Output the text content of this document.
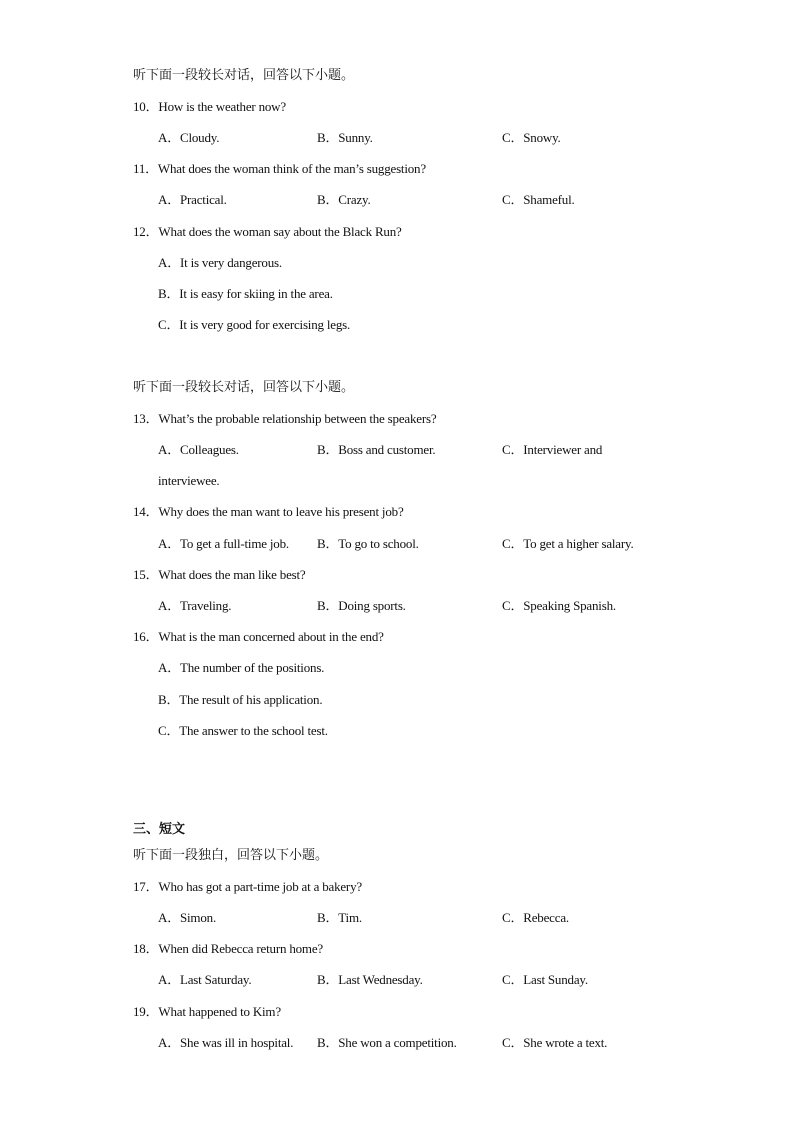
听下面一段较长对话，回答以下小题。
10．How is the weather now?
A．Cloudy.	B．Sunny.	C．Snowy.
11．What does the woman think of the man’s suggestion?
A．Practical.	B．Crazy.	C．Shameful.
12．What does the woman say about the Black Run?
A．It is very dangerous.
B．It is easy for skiing in the area.
C．It is very good for exercising legs.
听下面一段较长对话，回答以下小题。
13．What’s the probable relationship between the speakers?
A．Colleagues.	B．Boss and customer.	C．Interviewer and
interviewee.
14．Why does the man want to leave his present job?
A．To get a full-time job. B．To go to school.	C．To get a higher salary.
15．What does the man like best?
A．Traveling.	B．Doing sports.	C．Speaking Spanish.
16．What is the man concerned about in the end?
A．The number of the positions.
B．The result of his application.
C．The answer to the school test.
三、短文
听下面一段独白，回答以下小题。
17．Who has got a part-time job at a bakery?
A．Simon.	B．Tim.	C．Rebecca.
18．When did Rebecca return home?
A．Last Saturday.	B．Last Wednesday.	C．Last Sunday.
19．What happened to Kim?
A．She was ill in hospital. B．She won a competition.	C．She wrote a text.
